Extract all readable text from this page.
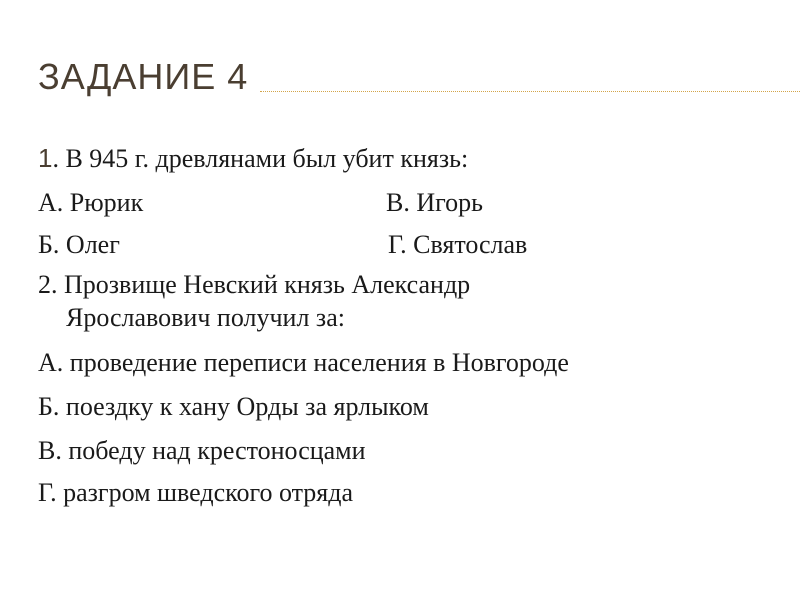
ЗАДАНИЕ 4
1. В 945 г. древлянами был убит князь:
А. Рюрик	В. Игорь
Б. Олег	Г. Святослав
2. Прозвище Невский князь Александр
Ярославович получил за:
А. проведение переписи населения в Новгороде
Б. поездку к хану Орды за ярлыком
В. победу над крестоносцами
Г. разгром шведского отряда
